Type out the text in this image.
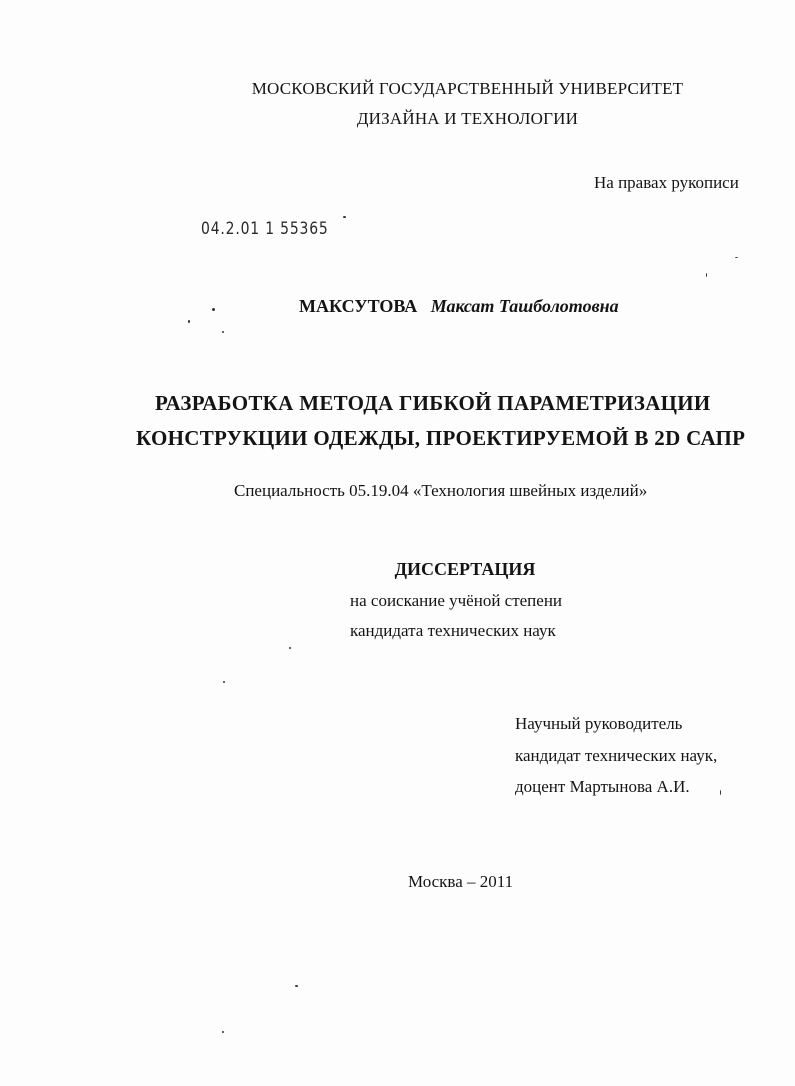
МОСКОВСКИЙ ГОСУДАРСТВЕННЫЙ УНИВЕРСИТЕТ
ДИЗАЙНА И ТЕХНОЛОГИИ
На правах рукописи
04.2.01 1 55365
МАКСУТОВА Максат Ташболотовна
РАЗРАБОТКА МЕТОДА ГИБКОЙ ПАРАМЕТРИЗАЦИИ
КОНСТРУКЦИИ ОДЕЖДЫ, ПРОЕКТИРУЕМОЙ В 2D САПР
Специальность 05.19.04 «Технология швейных изделий»
ДИССЕРТАЦИЯ
на соискание учёной степени
кандидата технических наук
Научный руководитель
кандидат технических наук,
доцент Мартынова А.И.
Москва – 2011
